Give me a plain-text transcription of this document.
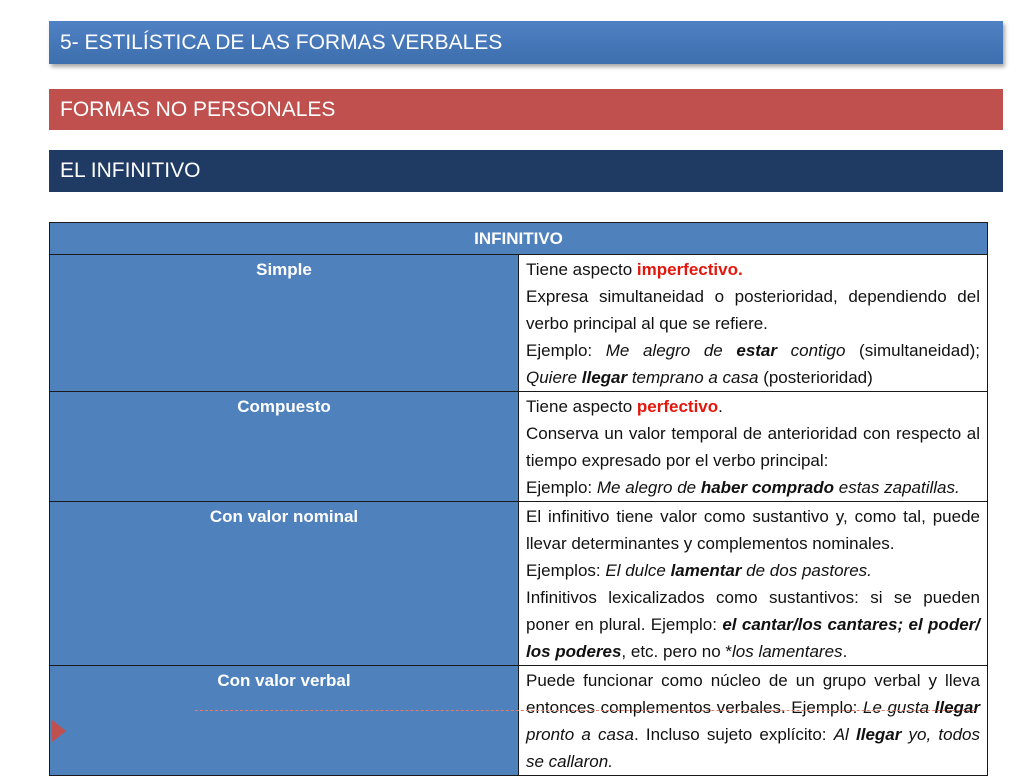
5- ESTILÍSTICA DE LAS FORMAS VERBALES
FORMAS NO PERSONALES
EL INFINITIVO
INFINITIVO	
Simple	Tiene aspecto imperfectivo.
Expresa simultaneidad o posterioridad, dependiendo del verbo principal al que se refiere.
Ejemplo: Me alegro de estar contigo (simultaneidad); Quiere llegar temprano a casa (posterioridad)

Compuesto	Tiene aspecto perfectivo.
Conserva un valor temporal de anterioridad con respecto al tiempo expresado por el verbo principal:
Ejemplo: Me alegro de haber comprado estas zapatillas.

Con valor nominal	El infinitivo tiene valor como sustantivo y, como tal, puede llevar determinantes y complementos nominales.
Ejemplos: El dulce lamentar de dos pastores.
Infinitivos lexicalizados como sustantivos: si se pueden poner en plural. Ejemplo: el cantar/los cantares; el poder/ los poderes, etc. pero no *los lamentares.

Con valor verbal	Puede funcionar como núcleo de un grupo verbal y lleva entonces complementos verbales. Ejemplo: Le gusta llegar pronto a casa. Incluso sujeto explícito: Al llegar yo, todos se callaron.
